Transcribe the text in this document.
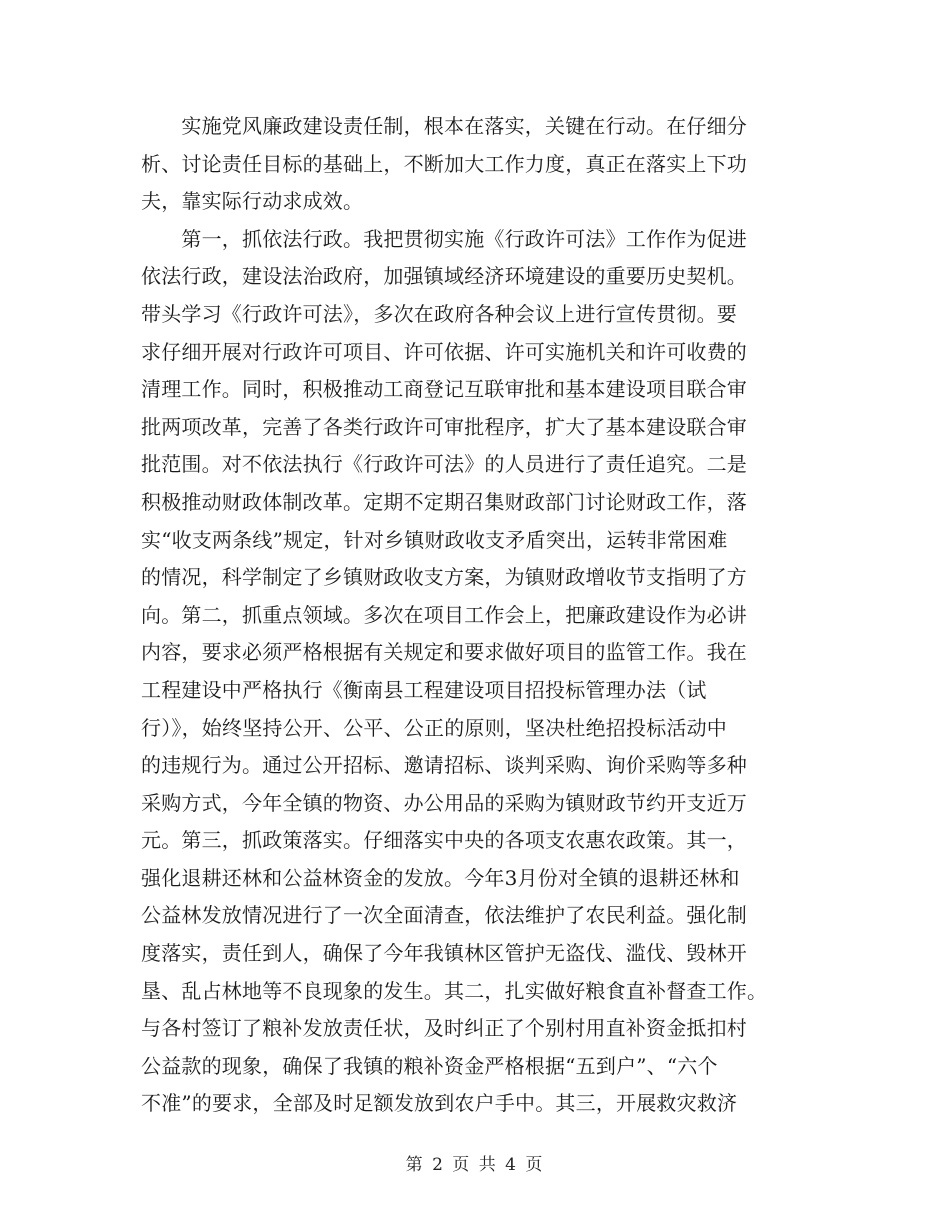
　　实施党风廉政建设责任制，根本在落实，关键在行动。在仔细分
析、讨论责任目标的基础上，不断加大工作力度，真正在落实上下功
夫，靠实际行动求成效。
　　第一，抓依法行政。我把贯彻实施《行政许可法》工作作为促进
依法行政，建设法治政府，加强镇域经济环境建设的重要历史契机。
带头学习《行政许可法》，多次在政府各种会议上进行宣传贯彻。要
求仔细开展对行政许可项目、许可依据、许可实施机关和许可收费的
清理工作。同时，积极推动工商登记互联审批和基本建设项目联合审
批两项改革，完善了各类行政许可审批程序，扩大了基本建设联合审
批范围。对不依法执行《行政许可法》的人员进行了责任追究。二是
积极推动财政体制改革。定期不定期召集财政部门讨论财政工作，落
实“收支两条线”规定，针对乡镇财政收支矛盾突出，运转非常困难
的情况，科学制定了乡镇财政收支方案，为镇财政增收节支指明了方
向。第二，抓重点领域。多次在项目工作会上，把廉政建设作为必讲
内容，要求必须严格根据有关规定和要求做好项目的监管工作。我在
工程建设中严格执行《衡南县工程建设项目招投标管理办法（试
行）》，始终坚持公开、公平、公正的原则，坚决杜绝招投标活动中
的违规行为。通过公开招标、邀请招标、谈判采购、询价采购等多种
采购方式，今年全镇的物资、办公用品的采购为镇财政节约开支近万
元。第三，抓政策落实。仔细落实中央的各项支农惠农政策。其一，
强化退耕还林和公益林资金的发放。今年3月份对全镇的退耕还林和
公益林发放情况进行了一次全面清查，依法维护了农民利益。强化制
度落实，责任到人，确保了今年我镇林区管护无盗伐、滥伐、毁林开
垦、乱占林地等不良现象的发生。其二，扎实做好粮食直补督查工作。
与各村签订了粮补发放责任状，及时纠正了个别村用直补资金抵扣村
公益款的现象，确保了我镇的粮补资金严格根据“五到户”、“六个
不准”的要求，全部及时足额发放到农户手中。其三，开展救灾救济
第 2 页 共 4 页
